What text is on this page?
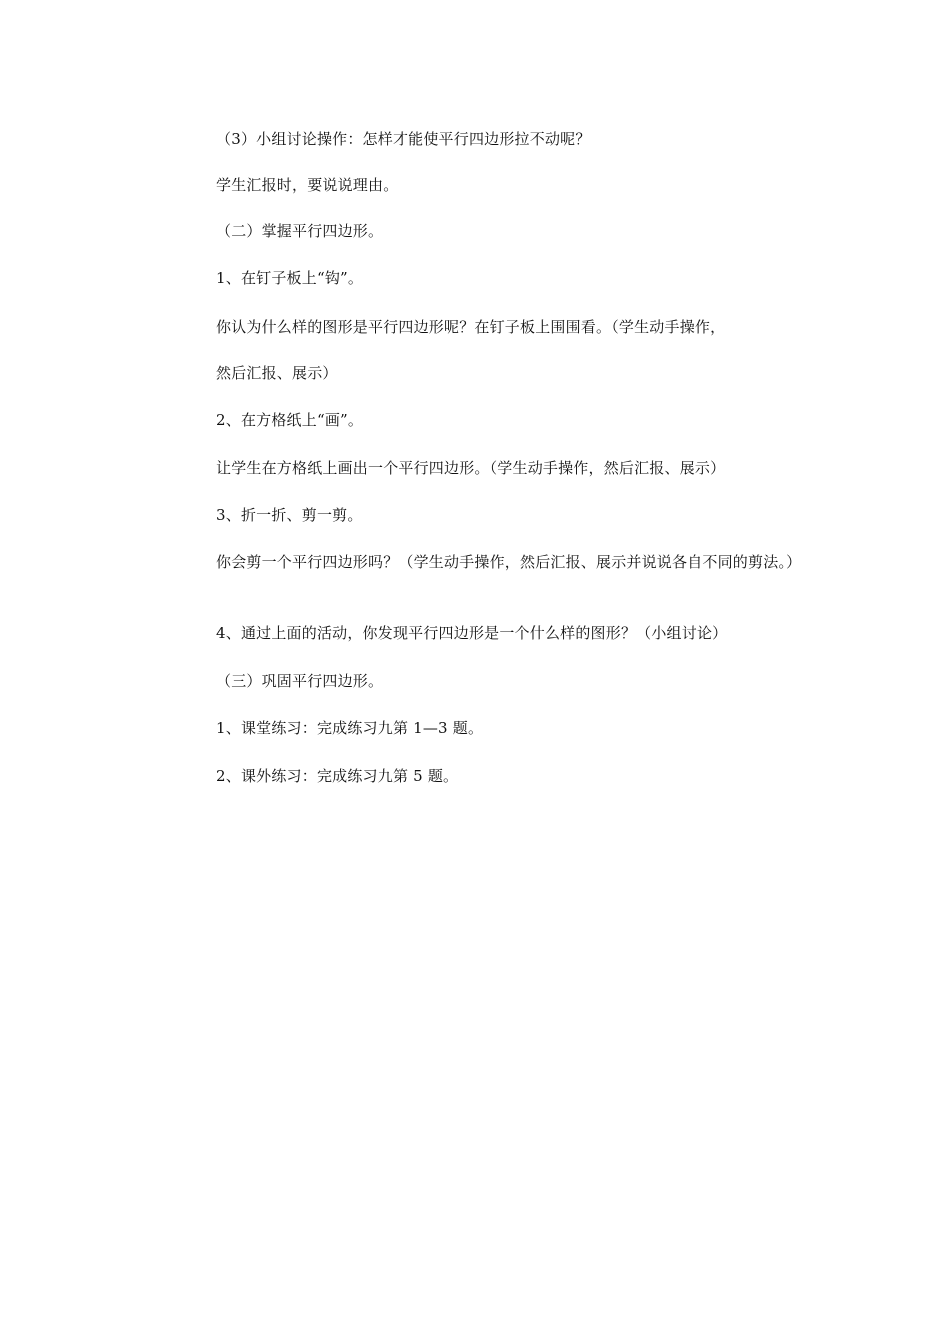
（3）小组讨论操作：怎样才能使平行四边形拉不动呢？
学生汇报时，要说说理由。
（二）掌握平行四边形。
1、在钉子板上“钩”。
你认为什么样的图形是平行四边形呢？在钉子板上围围看。（学生动手操作，
然后汇报、展示）
2、在方格纸上“画”。
让学生在方格纸上画出一个平行四边形。（学生动手操作，然后汇报、展示）
3、折一折、剪一剪。
你会剪一个平行四边形吗？（学生动手操作，然后汇报、展示并说说各自不同的剪法。）
4、通过上面的活动，你发现平行四边形是一个什么样的图形？（小组讨论）
（三）巩固平行四边形。
1、课堂练习：完成练习九第 1—3 题。
2、课外练习：完成练习九第 5 题。
